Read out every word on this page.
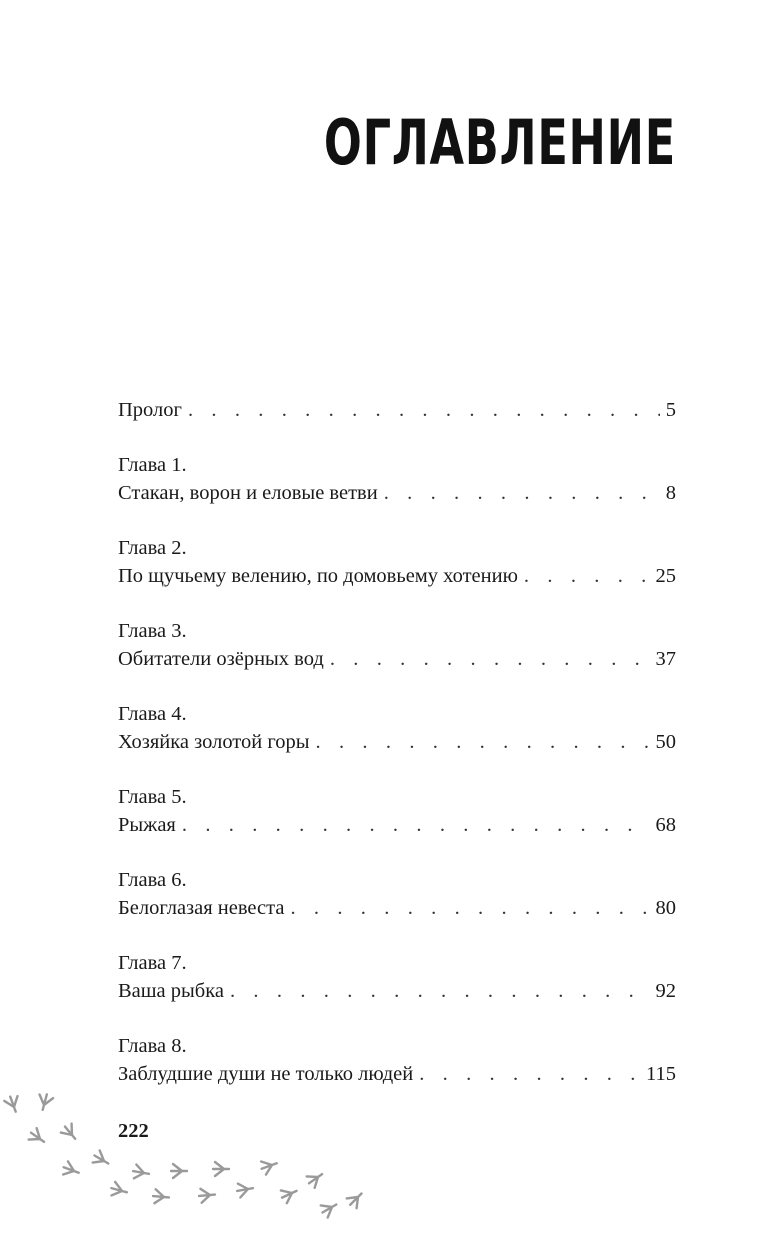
ОГЛАВЛЕНИЕ
Пролог . . .	5
Глава 1.
Стакан, ворон и еловые ветви . . .	8
Глава 2.
По щучьему велению, по домовьему хотению . . .	25
Глава 3.
Обитатели озёрных вод . . .	37
Глава 4.
Хозяйка золотой горы . . .	50
Глава 5.
Рыжая . . .	68
Глава 6.
Белоглазая невеста . . .	80
Глава 7.
Ваша рыбка . . .	92
Глава 8.
Заблудшие души не только людей . . .	115
222
